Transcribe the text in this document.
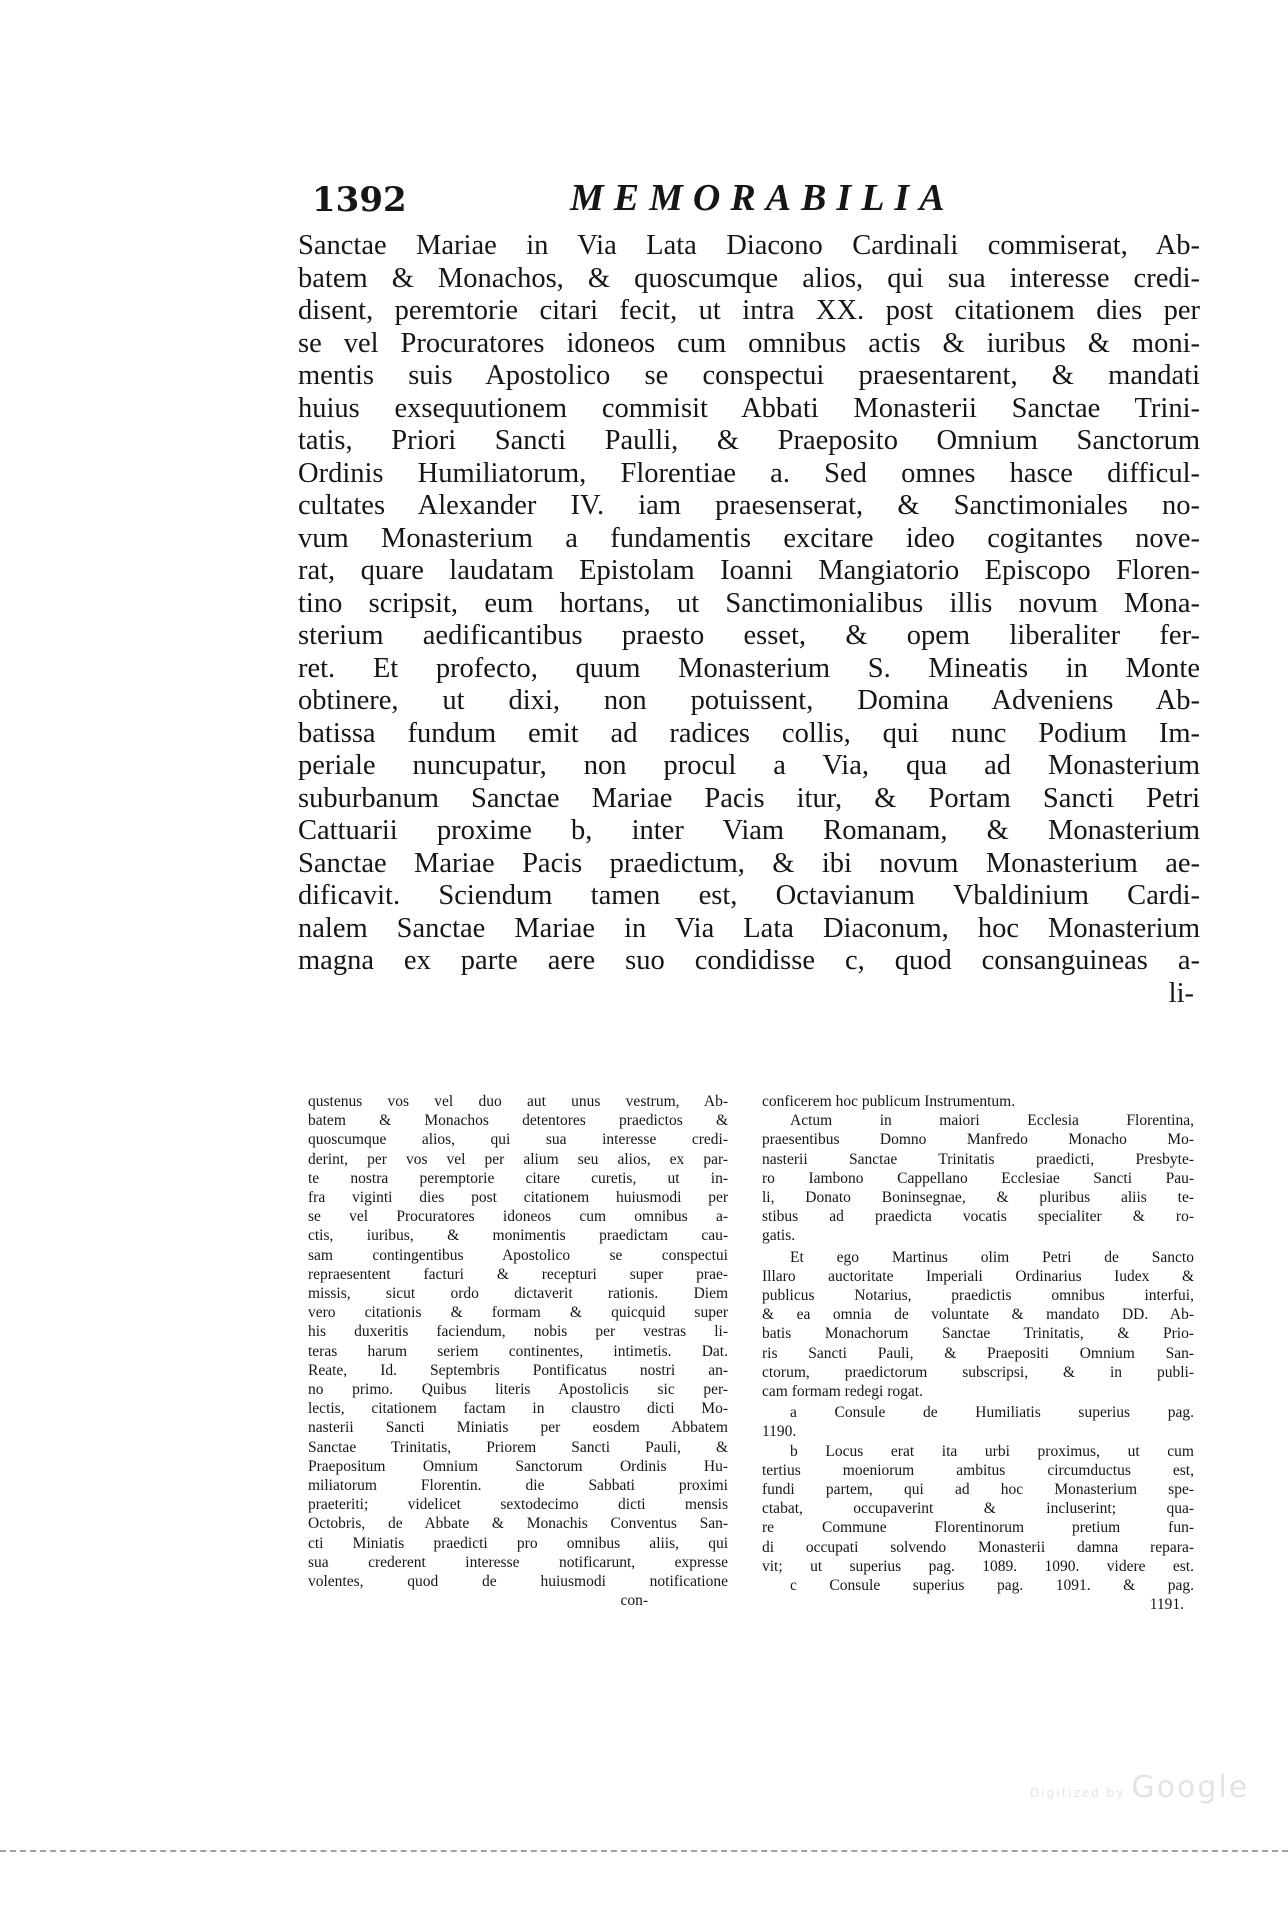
1392	MEMORABILIA
Sanctae Mariae in Via Lata Diacono Cardinali commiserat, Ab-
batem & Monachos, & quoscumque alios, qui sua interesse credi-
disent, peremtorie citari fecit, ut intra XX. post citationem dies per
se vel Procuratores idoneos cum omnibus actis & iuribus & moni-
mentis suis Apostolico se conspectui praesentarent, & mandati
huius exsequutionem commisit Abbati Monasterii Sanctae Trini-
tatis, Priori Sancti Paulli, & Praeposito Omnium Sanctorum
Ordinis Humiliatorum, Florentiae a. Sed omnes hasce difficul-
cultates Alexander IV. iam praesenserat, & Sanctimoniales no-
vum Monasterium a fundamentis excitare ideo cogitantes nove-
rat, quare laudatam Epistolam Ioanni Mangiatorio Episcopo Floren-
tino scripsit, eum hortans, ut Sanctimonialibus illis novum Mona-
sterium aedificantibus praesto esset, & opem liberaliter fer-
ret. Et profecto, quum Monasterium S. Mineatis in Monte
obtinere, ut dixi, non potuissent, Domina Adveniens Ab-
batissa fundum emit ad radices collis, qui nunc Podium Im-
periale nuncupatur, non procul a Via, qua ad Monasterium
suburbanum Sanctae Mariae Pacis itur, & Portam Sancti Petri
Cattuarii proxime b, inter Viam Romanam, & Monasterium
Sanctae Mariae Pacis praedictum, & ibi novum Monasterium ae-
dificavit. Sciendum tamen est, Octavianum Vbaldinium Cardi-
nalem Sanctae Mariae in Via Lata Diaconum, hoc Monasterium
magna ex parte aere suo condidisse c, quod consanguineas a-
li-
qustenus vos vel duo aut unus vestrum, Ab-
batem & Monachos detentores praedictos &
quoscumque alios, qui sua interesse credi-
derint, per vos vel per alium seu alios, ex par-
te nostra peremptorie citare curetis, ut in-
fra viginti dies post citationem huiusmodi per
se vel Procuratores idoneos cum omnibus a-
ctis, iuribus, & monimentis praedictam cau-
sam contingentibus Apostolico se conspectui
repraesentent facturi & recepturi super prae-
missis, sicut ordo dictaverit rationis. Diem
vero citationis & formam & quicquid super
his duxeritis faciendum, nobis per vestras li-
teras harum seriem continentes, intimetis. Dat.
Reate, Id. Septembris Pontificatus nostri an-
no primo. Quibus literis Apostolicis sic per-
lectis, citationem factam in claustro dicti Mo-
nasterii Sancti Miniatis per eosdem Abbatem
Sanctae Trinitatis, Priorem Sancti Pauli, &
Praepositum Omnium Sanctorum Ordinis Hu-
miliatorum Florentin. die Sabbati proximi
praeteriti; videlicet sextodecimo dicti mensis
Octobris, de Abbate & Monachis Conventus San-
cti Miniatis praedicti pro omnibus aliis, qui
sua crederent interesse notificarunt, expresse
volentes, quod de huiusmodi notificatione
con-
conficerem hoc publicum Instrumentum.
Actum in maiori Ecclesia Florentina,
praesentibus Domno Manfredo Monacho Mo-
nasterii Sanctae Trinitatis praedicti, Presbyte-
ro Iambono Cappellano Ecclesiae Sancti Pau-
li, Donato Boninsegnae, & pluribus aliis te-
stibus ad praedicta vocatis specialiter & ro-
gatis.
Et ego Martinus olim Petri de Sancto
Illaro auctoritate Imperiali Ordinarius Iudex &
publicus Notarius, praedictis omnibus interfui,
& ea omnia de voluntate & mandato DD. Ab-
batis Monachorum Sanctae Trinitatis, & Prio-
ris Sancti Pauli, & Praepositi Omnium San-
ctorum, praedictorum subscripsi, & in publi-
cam formam redegi rogat.
a Consule de Humiliatis superius pag.
1190.
b Locus erat ita urbi proximus, ut cum
tertius moeniorum ambitus circumductus est,
fundi partem, qui ad hoc Monasterium spe-
ctabat, occupaverint & incluserint; qua-
re Commune Florentinorum pretium fun-
di occupati solvendo Monasterii damna repara-
vit; ut superius pag. 1089. 1090. videre est.
c Consule superius pag. 1091. & pag.
1191.
Digitized by Google
